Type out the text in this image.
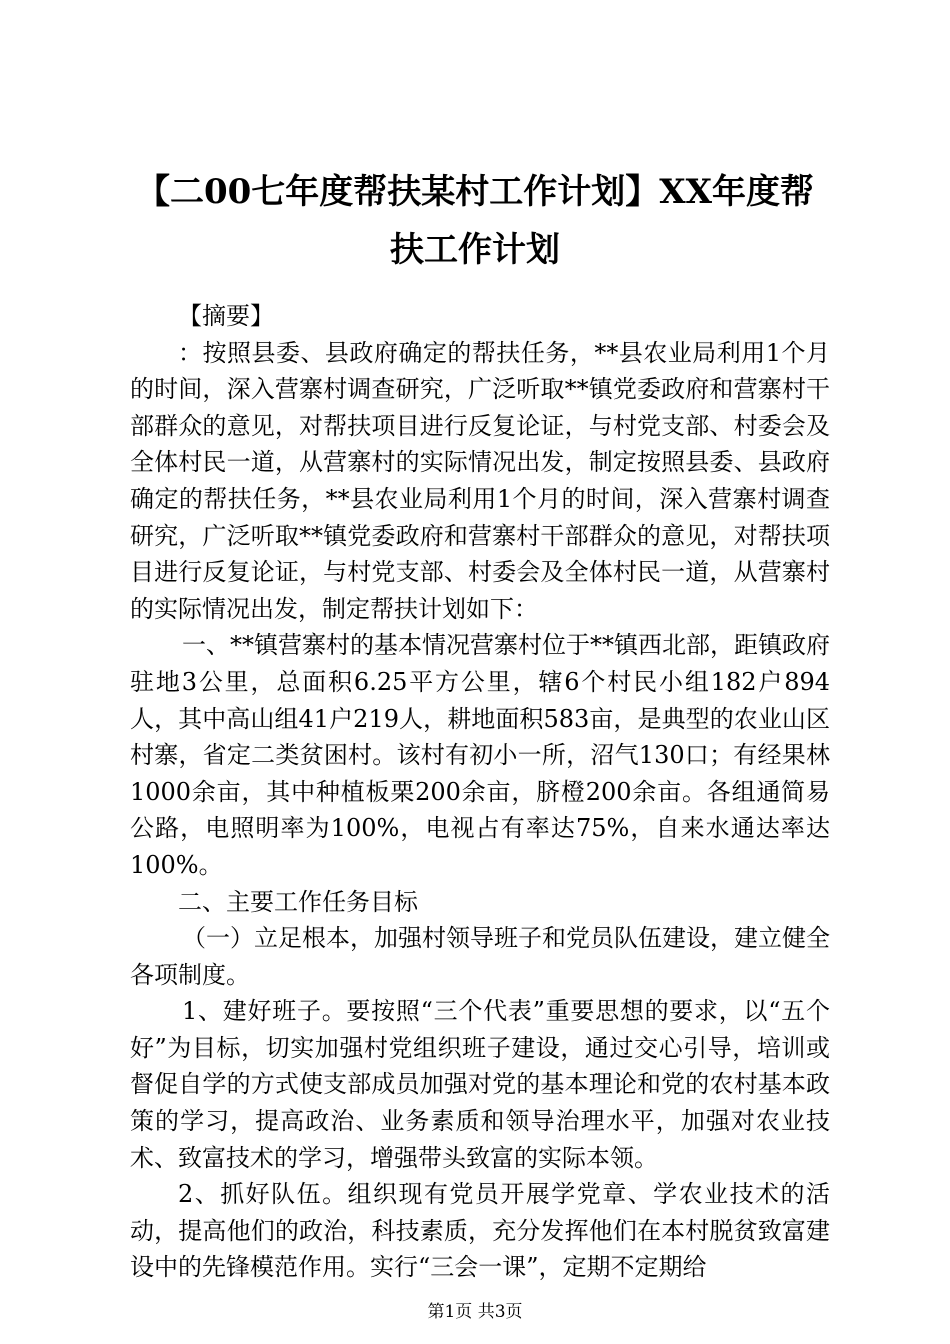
【二00七年度帮扶某村工作计划】XX年度帮扶工作计划

【摘要】

：按照县委、县政府确定的帮扶任务，**县农业局利用1个月的时间，深入营寨村调查研究，广泛听取**镇党委政府和营寨村干部群众的意见，对帮扶项目进行反复论证，与村党支部、村委会及全体村民一道，从营寨村的实际情况出发，制定按照县委、县政府确定的帮扶任务，**县农业局利用1个月的时间，深入营寨村调查研究，广泛听取**镇党委政府和营寨村干部群众的意见，对帮扶项目进行反复论证，与村党支部、村委会及全体村民一道，从营寨村的实际情况出发，制定帮扶计划如下：

一、**镇营寨村的基本情况营寨村位于**镇西北部，距镇政府驻地3公里，总面积6.25平方公里，辖6个村民小组182户894人，其中高山组41户219人，耕地面积583亩，是典型的农业山区村寨，省定二类贫困村。该村有初小一所，沼气130口；有经果林1000余亩，其中种植板栗200余亩，脐橙200余亩。各组通简易公路，电照明率为100%，电视占有率达75%，自来水通达率达100%。

二、主要工作任务目标

（一）立足根本，加强村领导班子和党员队伍建设，建立健全各项制度。

1、建好班子。要按照“三个代表”重要思想的要求，以“五个好”为目标，切实加强村党组织班子建设，通过交心引导，培训或督促自学的方式使支部成员加强对党的基本理论和党的农村基本政策的学习，提高政治、业务素质和领导治理水平，加强对农业技术、致富技术的学习，增强带头致富的实际本领。

2、抓好队伍。组织现有党员开展学党章、学农业技术的活动，提高他们的政治，科技素质，充分发挥他们在本村脱贫致富建设中的先锋模范作用。实行“三会一课”，定期不定期给

第1页 共3页
